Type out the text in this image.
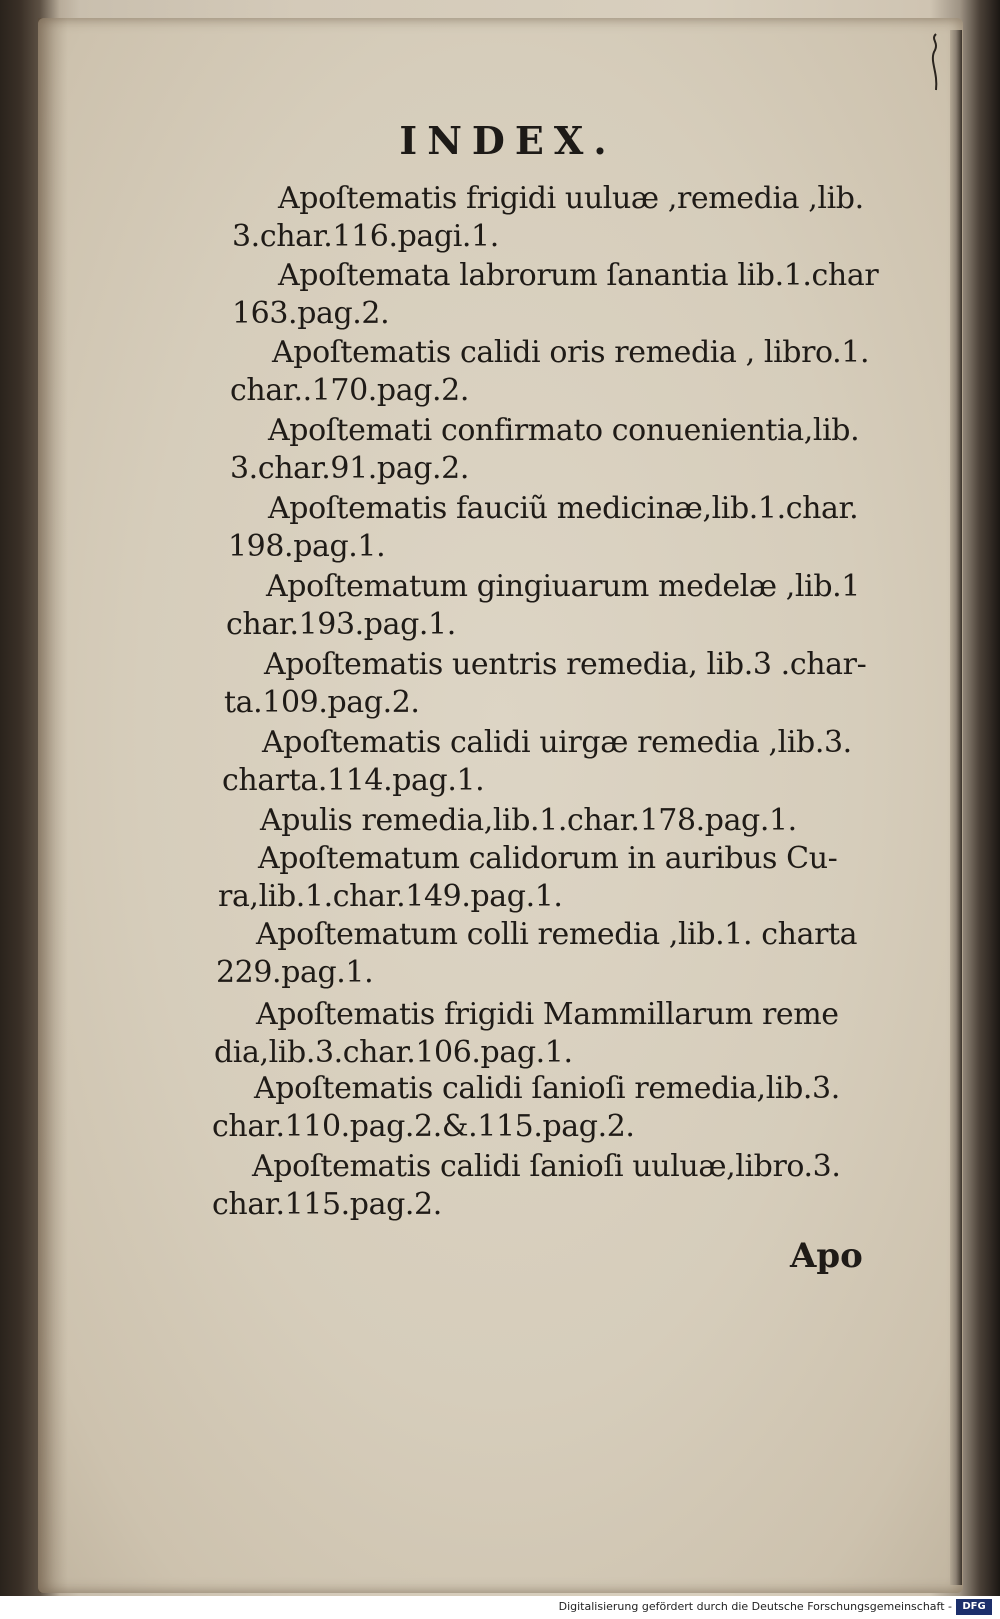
INDEX.
Apoſtematis frigidi uuluæ ,remedia ,lib.
3.char.116.pagi.1.
Apoſtemata labrorum ſanantia lib.1.char
163.pag.2.
Apoſtematis calidi oris remedia , libro.1.
char..170.pag.2.
Apoſtemati confirmato conuenientia,lib.
3.char.91.pag.2.
Apoſtematis fauciũ medicinæ,lib.1.char.
198.pag.1.
Apoſtematum gingiuarum medelæ ,lib.1
char.193.pag.1.
Apoſtematis uentris remedia, lib.3 .char-
ta.109.pag.2.
Apoſtematis calidi uirgæ remedia ,lib.3.
charta.114.pag.1.
Apulis remedia,lib.1.char.178.pag.1.
Apoſtematum calidorum in auribus Cu-
ra,lib.1.char.149.pag.1.
Apoſtematum colli remedia ,lib.1. charta
229.pag.1.
Apoſtematis frigidi Mammillarum reme
dia,lib.3.char.106.pag.1.
Apoſtematis calidi ſanioſi remedia,lib.3.
char.110.pag.2.&.115.pag.2.
Apoſtematis calidi ſanioſi uuluæ,libro.3.
char.115.pag.2.
Apo
Digitalisierung gefördert durch die Deutsche Forschungsgemeinschaft -	DFG
